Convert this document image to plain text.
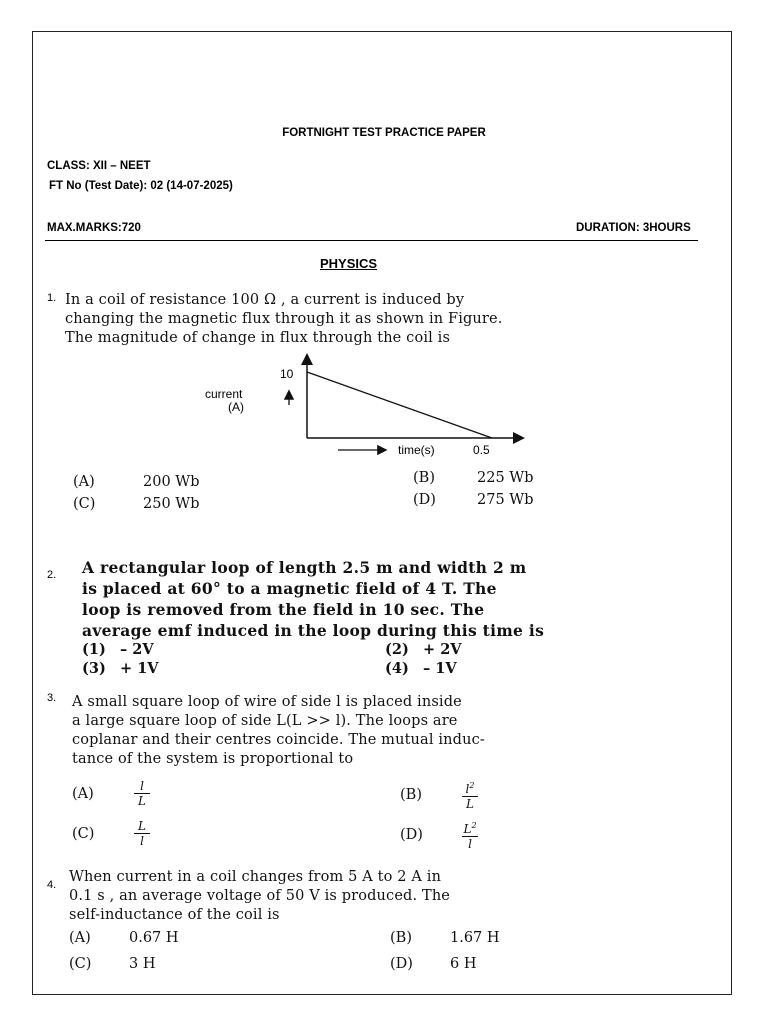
FORTNIGHT TEST PRACTICE PAPER
CLASS: XII – NEET
FT No (Test Date): 02 (14-07-2025)
MAX.MARKS:720	DURATION: 3HOURS
PHYSICS
1. In a coil of resistance 100 Ω , a current is induced by
changing the magnetic flux through it as shown in Figure.
The magnitude of change in flux through the coil is
10
current
(A)
time(s)	0.5
(A)	200 Wb	(B)	225 Wb
(C)	250 Wb	(D)	275 Wb
2. A rectangular loop of length 2.5 m and width 2 m
is placed at 60° to a magnetic field of 4 T. The
loop is removed from the field in 10 sec. The
average emf induced in the loop during this time is
(1) – 2V	(2) + 2V
(3) + 1V	(4) – 1V
3. A small square loop of wire of side l is placed inside
a large square loop of side L(L >> l). The loops are
coplanar and their centres coincide. The mutual induc-
tance of the system is proportional to
(A)	$\frac{l}{L}$	(B)	$\frac{l^2}{L}$
(C)	$\frac{L}{l}$	(D)	$\frac{L^2}{l}$
4. When current in a coil changes from 5 A to 2 A in
0.1 s , an average voltage of 50 V is produced. The
self-inductance of the coil is
(A)	0.67 H	(B)	1.67 H
(C)	3 H	(D)	6 H
